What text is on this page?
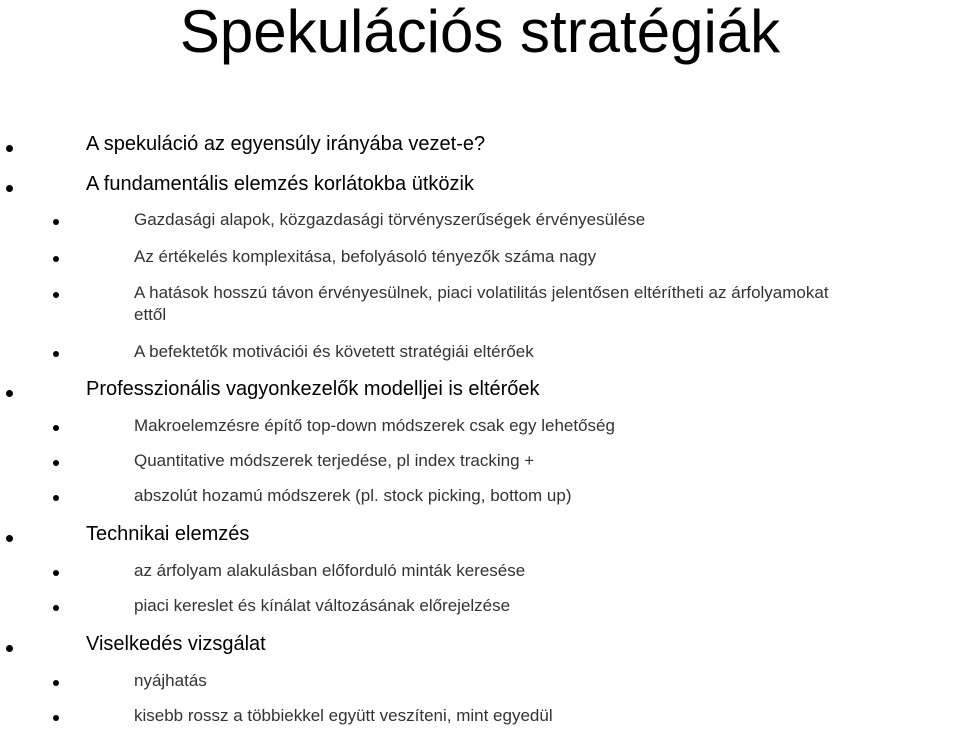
Spekulációs stratégiák
A spekuláció az egyensúly irányába vezet-e?
A fundamentális elemzés korlátokba ütközik
Gazdasági alapok, közgazdasági törvényszerűségek érvényesülése
Az értékelés komplexitása, befolyásoló tényezők száma nagy
A hatások hosszú távon érvényesülnek, piaci volatilitás jelentősen eltérítheti az árfolyamokat
ettől
A befektetők motivációi és követett stratégiái eltérőek
Professzionális vagyonkezelők modelljei is eltérőek
Makroelemzésre építő top-down módszerek csak egy lehetőség
Quantitative módszerek terjedése, pl index tracking +
abszolút hozamú módszerek (pl. stock picking, bottom up)
Technikai elemzés
az árfolyam alakulásban előforduló minták keresése
piaci kereslet és kínálat változásának előrejelzése
Viselkedés vizsgálat
nyájhatás
kisebb rossz a többiekkel együtt veszíteni, mint egyedül
